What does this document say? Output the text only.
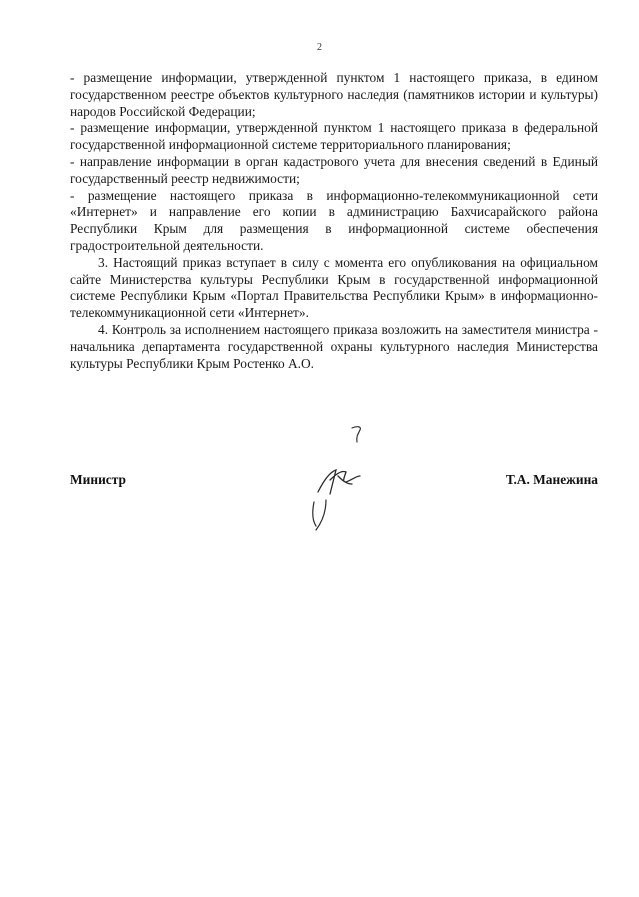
2

- размещение информации, утвержденной пунктом 1 настоящего приказа, в едином государственном реестре объектов культурного наследия (памятников истории и культуры) народов Российской Федерации;

- размещение информации, утвержденной пунктом 1 настоящего приказа в федеральной государственной информационной системе территориального планирования;

- направление информации в орган кадастрового учета для внесения сведений в Единый государственный реестр недвижимости;

- размещение настоящего приказа в информационно-телекоммуникационной сети «Интернет» и направление его копии в администрацию Бахчисарайского района Республики Крым для размещения в информационной системе обеспечения градостроительной деятельности.

3. Настоящий приказ вступает в силу с момента его опубликования на официальном сайте Министерства культуры Республики Крым в государственной информационной системе Республики Крым «Портал Правительства Республики Крым» в информационно-телекоммуникационной сети «Интернет».

4. Контроль за исполнением настоящего приказа возложить на заместителя министра - начальника департамента государственной охраны культурного наследия Министерства культуры Республики Крым Ростенко А.О.

Министр	Т.А. Манежина
